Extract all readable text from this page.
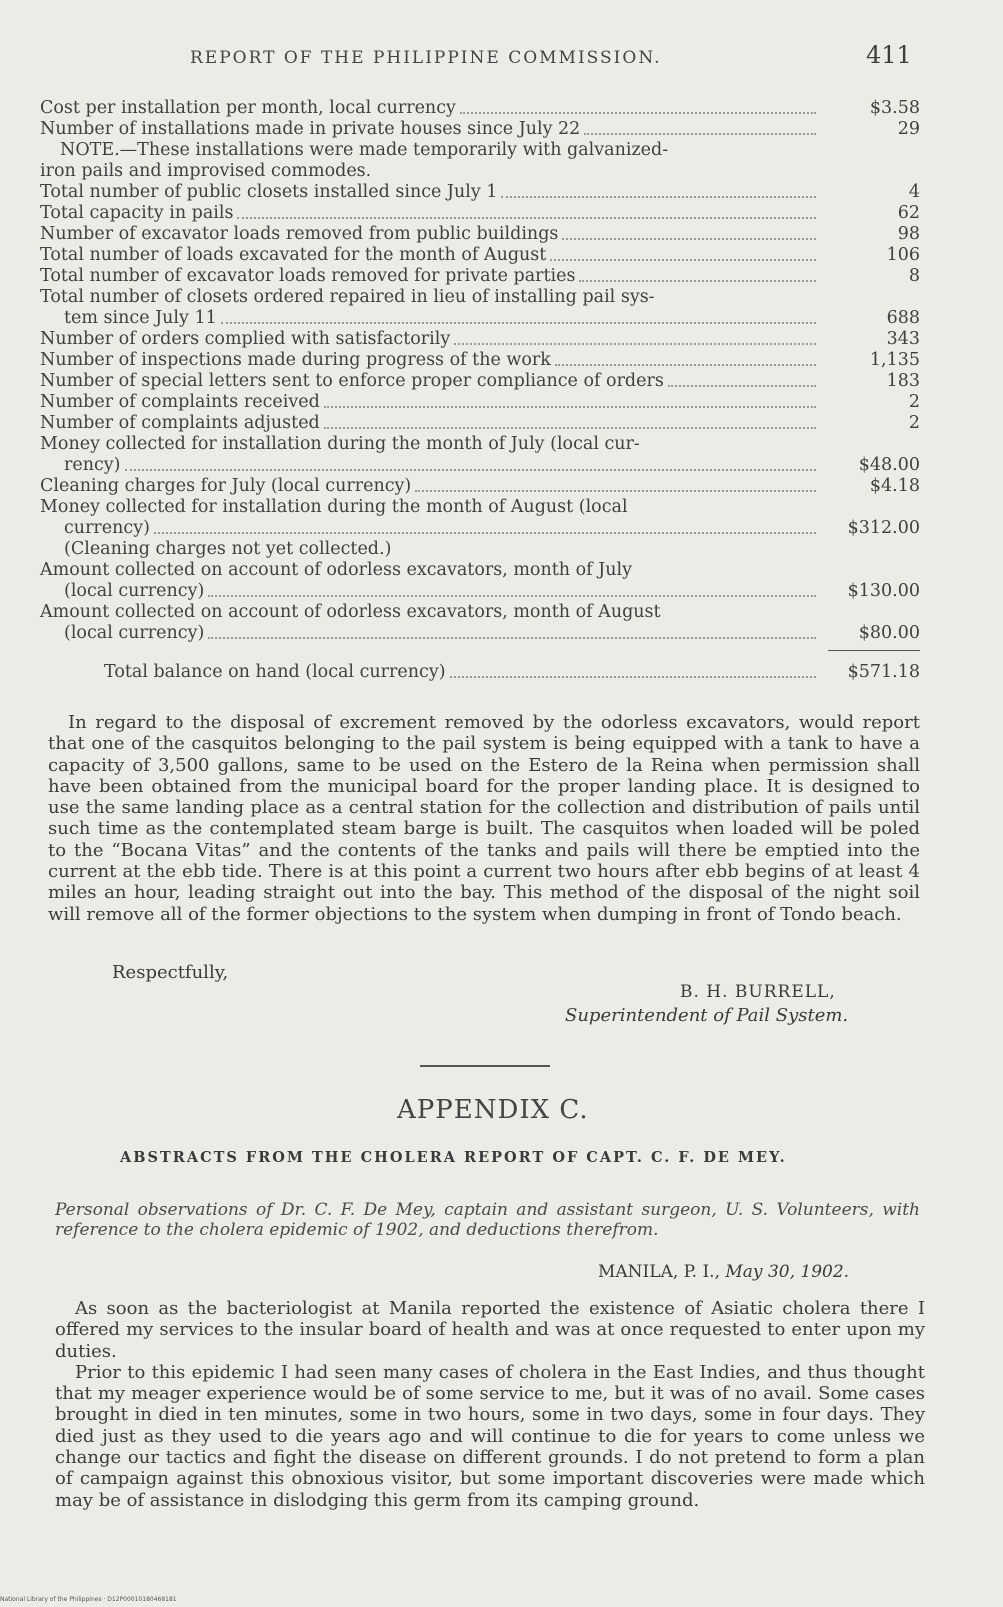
REPORT OF THE PHILIPPINE COMMISSION.	411
Cost per installation per month, local currency	$3.58
Number of installations made in private houses since July 22	29
NOTE.—These installations were made temporarily with galvanized-
iron pails and improvised commodes.
Total number of public closets installed since July 1	4
Total capacity in pails	62
Number of excavator loads removed from public buildings	98
Total number of loads excavated for the month of August	106
Total number of excavator loads removed for private parties	8
Total number of closets ordered repaired in lieu of installing pail sys-
tem since July 11	688
Number of orders complied with satisfactorily	343
Number of inspections made during progress of the work	1,135
Number of special letters sent to enforce proper compliance of orders	183
Number of complaints received	2
Number of complaints adjusted	2
Money collected for installation during the month of July (local cur-
rency)	$48.00
Cleaning charges for July (local currency)	$4.18
Money collected for installation during the month of August (local
currency)	$312.00
(Cleaning charges not yet collected.)
Amount collected on account of odorless excavators, month of July
(local currency)	$130.00
Amount collected on account of odorless excavators, month of August
(local currency)	$80.00
Total balance on hand (local currency)	$571.18
In regard to the disposal of excrement removed by the odorless excavators, would report that one of the casquitos belonging to the pail system is being equipped with a tank to have a capacity of 3,500 gallons, same to be used on the Estero de la Reina when permission shall have been obtained from the municipal board for the proper landing place. It is designed to use the same landing place as a central station for the collection and distribution of pails until such time as the contemplated steam barge is built. The casquitos when loaded will be poled to the “Bocana Vitas” and the contents of the tanks and pails will there be emptied into the current at the ebb tide. There is at this point a current two hours after ebb begins of at least 4 miles an hour, leading straight out into the bay. This method of the disposal of the night soil will remove all of the former objections to the system when dumping in front of Tondo beach.
Respectfully,
B. H. BURRELL,
Superintendent of Pail System.
APPENDIX C.
ABSTRACTS FROM THE CHOLERA REPORT OF CAPT. C. F. DE MEY.
Personal observations of Dr. C. F. De Mey, captain and assistant surgeon, U. S. Volunteers, with reference to the cholera epidemic of 1902, and deductions therefrom.
MANILA, P. I., May 30, 1902.

As soon as the bacteriologist at Manila reported the existence of Asiatic cholera there I offered my services to the insular board of health and was at once requested to enter upon my duties.

Prior to this epidemic I had seen many cases of cholera in the East Indies, and thus thought that my meager experience would be of some service to me, but it was of no avail. Some cases brought in died in ten minutes, some in two hours, some in two days, some in four days. They died just as they used to die years ago and will continue to die for years to come unless we change our tactics and fight the disease on different grounds. I do not pretend to form a plan of campaign against this obnoxious visitor, but some important discoveries were made which may be of assistance in dislodging this germ from its camping ground.

National Library of the Philippines · D12P00010180468181
